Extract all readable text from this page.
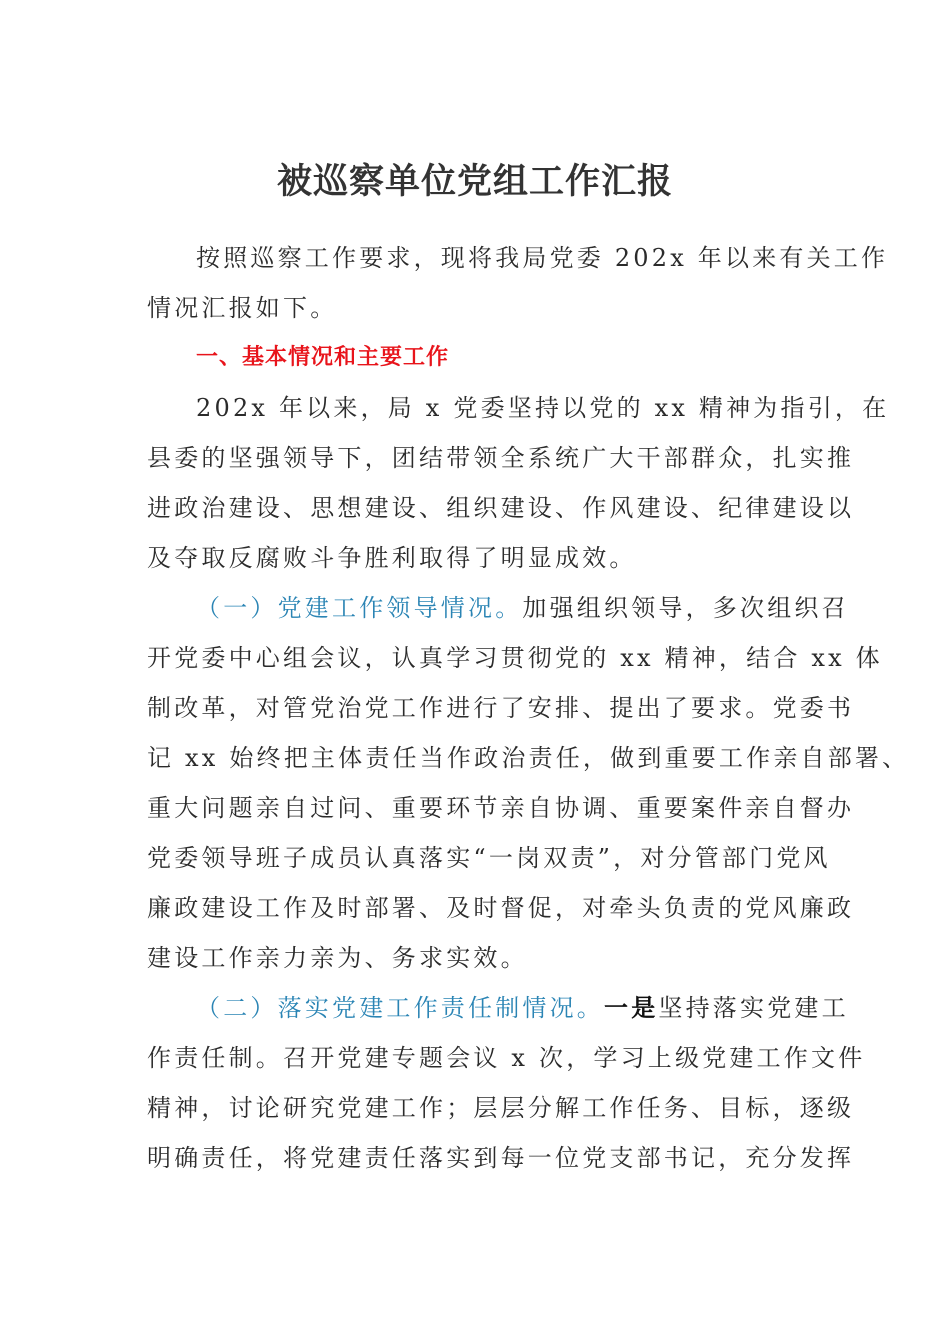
被巡察单位党组工作汇报
按照巡察工作要求，现将我局党委 202x 年以来有关工作
情况汇报如下。
一、基本情况和主要工作
202x 年以来，局 x 党委坚持以党的 xx 精神为指引，在
县委的坚强领导下，团结带领全系统广大干部群众，扎实推
进政治建设、思想建设、组织建设、作风建设、纪律建设以
及夺取反腐败斗争胜利取得了明显成效。
（一）党建工作领导情况。加强组织领导，多次组织召
开党委中心组会议，认真学习贯彻党的 xx 精神，结合 xx 体
制改革，对管党治党工作进行了安排、提出了要求。党委书
记 xx 始终把主体责任当作政治责任，做到重要工作亲自部署、
重大问题亲自过问、重要环节亲自协调、重要案件亲自督办
党委领导班子成员认真落实“一岗双责”，对分管部门党风
廉政建设工作及时部署、及时督促，对牵头负责的党风廉政
建设工作亲力亲为、务求实效。
（二）落实党建工作责任制情况。一是坚持落实党建工
作责任制。召开党建专题会议 x 次，学习上级党建工作文件
精神，讨论研究党建工作；层层分解工作任务、目标，逐级
明确责任，将党建责任落实到每一位党支部书记，充分发挥
